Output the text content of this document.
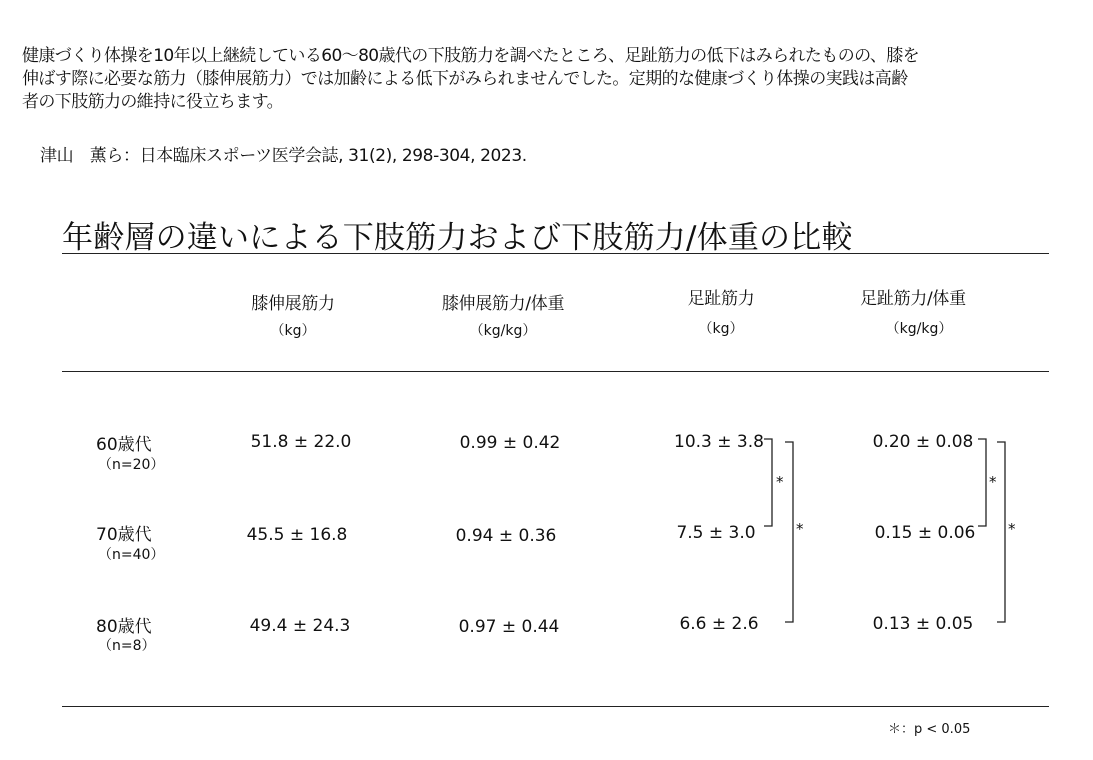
健康づくり体操を10年以上継続している60～80歳代の下肢筋力を調べたところ、足趾筋力の低下はみられたものの、膝を
伸ばす際に必要な筋力（膝伸展筋力）では加齢による低下がみられませんでした。定期的な健康づくり体操の実践は高齢
者の下肢筋力の維持に役立ちます。
津山　薫ら：日本臨床スポーツ医学会誌, 31(2), 298-304, 2023.
年齢層の違いによる下肢筋力および下肢筋力/体重の比較
膝伸展筋力
（kg）
膝伸展筋力/体重
（kg/kg）
足趾筋力
（kg）
足趾筋力/体重
（kg/kg）
60歳代
（n=20）
51.8 ± 22.0	0.99 ± 0.42	10.3 ± 3.8	0.20 ± 0.08
70歳代
（n=40）
45.5 ± 16.8	0.94 ± 0.36	7.5 ± 3.0	0.15 ± 0.06
80歳代
（n=8）
49.4 ± 24.3	0.97 ± 0.44	6.6 ± 2.6	0.13 ± 0.05
*
*
*
*
＊：p < 0.05
